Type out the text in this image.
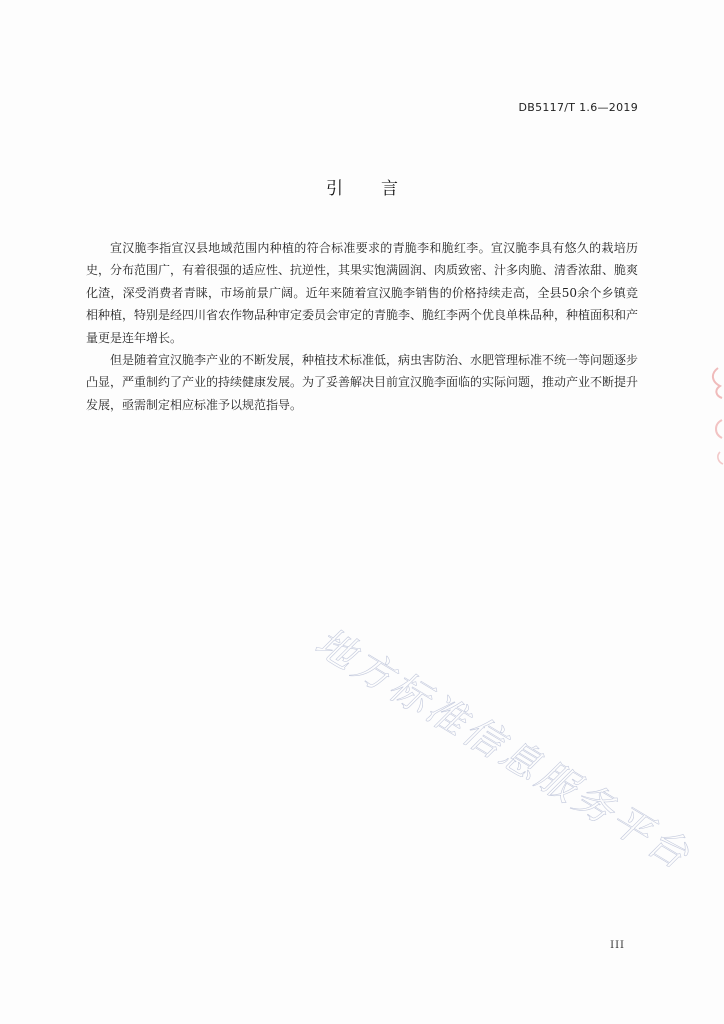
DB5117/T 1.6—2019
引 言

宣汉脆李指宣汉县地域范围内种植的符合标准要求的青脆李和脆红李。宣汉脆李具有悠久的栽培历史，分布范围广，有着很强的适应性、抗逆性，其果实饱满圆润、肉质致密、汁多肉脆、清香浓甜、脆爽化渣，深受消费者青睐，市场前景广阔。近年来随着宣汉脆李销售的价格持续走高，全县50余个乡镇竞相种植，特别是经四川省农作物品种审定委员会审定的青脆李、脆红李两个优良单株品种，种植面积和产量更是连年增长。

但是随着宣汉脆李产业的不断发展，种植技术标准低，病虫害防治、水肥管理标准不统一等问题逐步凸显，严重制约了产业的持续健康发展。为了妥善解决目前宣汉脆李面临的实际问题，推动产业不断提升发展，亟需制定相应标准予以规范指导。

地方标准信息服务平台
III
